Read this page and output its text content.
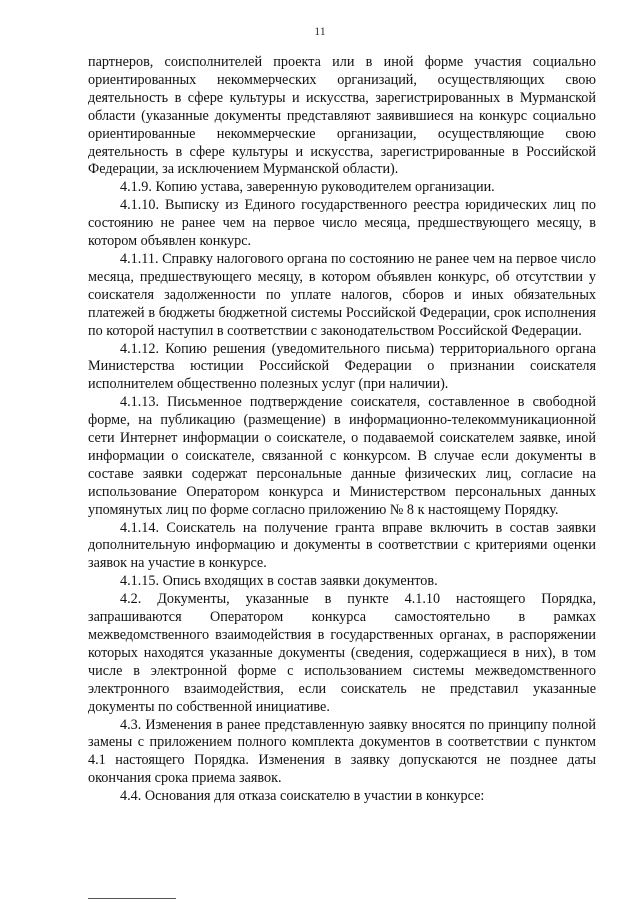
11

партнеров, соисполнителей проекта или в иной форме участия социально ориентированных некоммерческих организаций, осуществляющих свою деятельность в сфере культуры и искусства, зарегистрированных в Мурманской области (указанные документы представляют заявившиеся на конкурс социально ориентированные некоммерческие организации, осуществляющие свою деятельность в сфере культуры и искусства, зарегистрированные в Российской Федерации, за исключением Мурманской области).

4.1.9. Копию устава, заверенную руководителем организации.

4.1.10. Выписку из Единого государственного реестра юридических лиц по состоянию не ранее чем на первое число месяца, предшествующего месяцу, в котором объявлен конкурс.

4.1.11. Справку налогового органа по состоянию не ранее чем на первое число месяца, предшествующего месяцу, в котором объявлен конкурс, об отсутствии у соискателя задолженности по уплате налогов, сборов и иных обязательных платежей в бюджеты бюджетной системы Российской Федерации, срок исполнения по которой наступил в соответствии с законодательством Российской Федерации.

4.1.12. Копию решения (уведомительного письма) территориального органа Министерства юстиции Российской Федерации о признании соискателя исполнителем общественно полезных услуг (при наличии).

4.1.13. Письменное подтверждение соискателя, составленное в свободной форме, на публикацию (размещение) в информационно-телекоммуникационной сети Интернет информации о соискателе, о подаваемой соискателем заявке, иной информации о соискателе, связанной с конкурсом. В случае если документы в составе заявки содержат персональные данные физических лиц, согласие на использование Оператором конкурса и Министерством персональных данных упомянутых лиц по форме согласно приложению № 8 к настоящему Порядку.

4.1.14. Соискатель на получение гранта вправе включить в состав заявки дополнительную информацию и документы в соответствии с критериями оценки заявок на участие в конкурсе.

4.1.15. Опись входящих в состав заявки документов.

4.2. Документы, указанные в пункте 4.1.10 настоящего Порядка, запрашиваются Оператором конкурса самостоятельно в рамках межведомственного взаимодействия в государственных органах, в распоряжении которых находятся указанные документы (сведения, содержащиеся в них), в том числе в электронной форме с использованием системы межведомственного электронного взаимодействия, если соискатель не представил указанные документы по собственной инициативе.

4.3. Изменения в ранее представленную заявку вносятся по принципу полной замены с приложением полного комплекта документов в соответствии с пунктом 4.1 настоящего Порядка. Изменения в заявку допускаются не позднее даты окончания срока приема заявок.

4.4. Основания для отказа соискателю в участии в конкурсе:
